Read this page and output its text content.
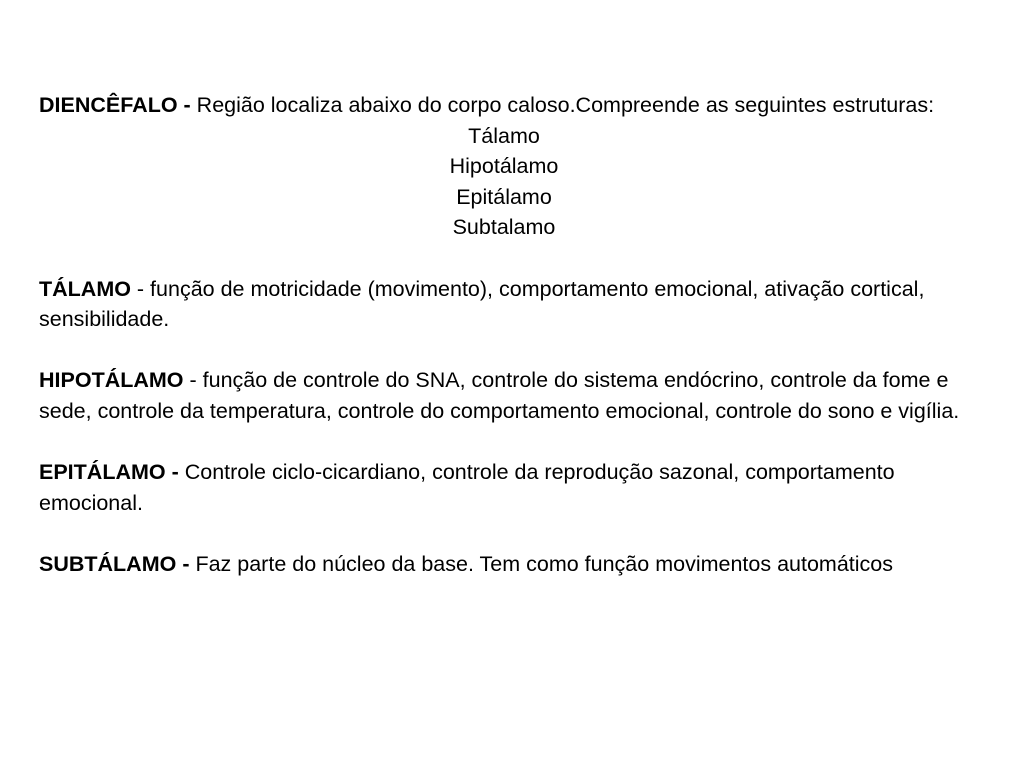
DIENCÊFALO - Região localiza abaixo do corpo caloso.Compreende as seguintes estruturas:

Tálamo
Hipotálamo
Epitálamo
Subtalamo

TÁLAMO - função de motricidade (movimento), comportamento emocional, ativação cortical, sensibilidade.

HIPOTÁLAMO - função de controle do SNA, controle do sistema endócrino, controle da fome e sede, controle da temperatura, controle do comportamento emocional, controle do sono e vigília.

EPITÁLAMO - Controle ciclo-cicardiano, controle da reprodução sazonal, comportamento emocional.

SUBTÁLAMO - Faz parte do núcleo da base. Tem como função movimentos automáticos
